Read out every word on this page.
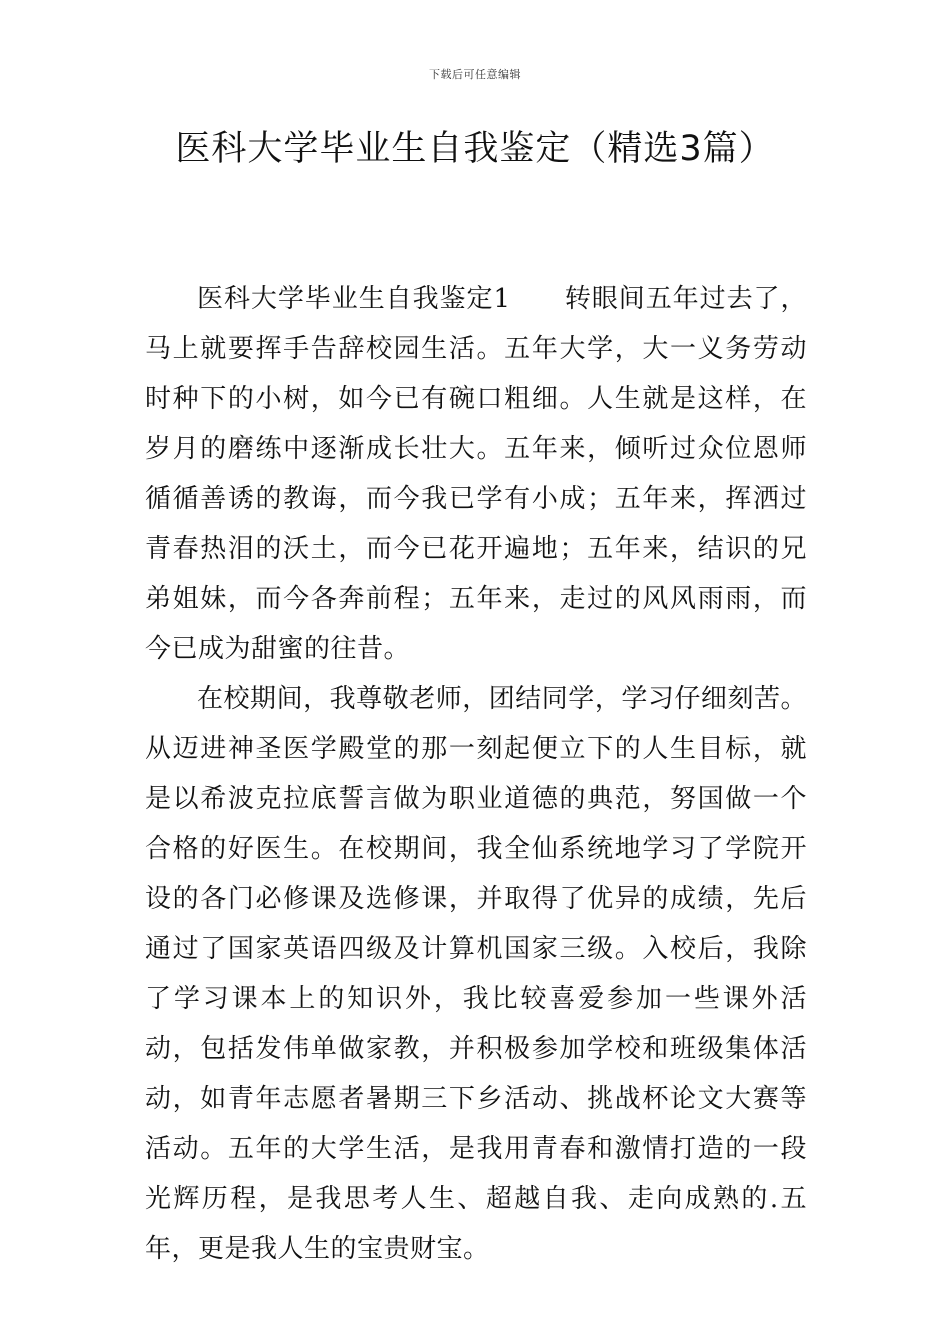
下载后可任意编辑
医科大学毕业生自我鉴定（精选3篇）

医科大学毕业生自我鉴定1　　转眼间五年过去了，马上就要挥手告辞校园生活。五年大学，大一义务劳动时种下的小树，如今已有碗口粗细。人生就是这样，在岁月的磨练中逐渐成长壮大。五年来，倾听过众位恩师循循善诱的教诲，而今我已学有小成；五年来，挥洒过青春热泪的沃土，而今已花开遍地；五年来，结识的兄弟姐妹，而今各奔前程；五年来，走过的风风雨雨，而今已成为甜蜜的往昔。

在校期间，我尊敬老师，团结同学，学习仔细刻苦。从迈进神圣医学殿堂的那一刻起便立下的人生目标，就是以希波克拉底誓言做为职业道德的典范，努国做一个合格的好医生。在校期间，我全仙系统地学习了学院开设的各门必修课及选修课，并取得了优异的成绩，先后通过了国家英语四级及计算机国家三级。入校后，我除了学习课本上的知识外，我比较喜爱参加一些课外活动，包括发伟单做家教，并积极参加学校和班级集体活动，如青年志愿者暑期三下乡活动、挑战杯论文大赛等活动。五年的大学生活，是我用青春和激情打造的一段光辉历程，是我思考人生、超越自我、走向成熟的.五年，更是我人生的宝贵财宝。
